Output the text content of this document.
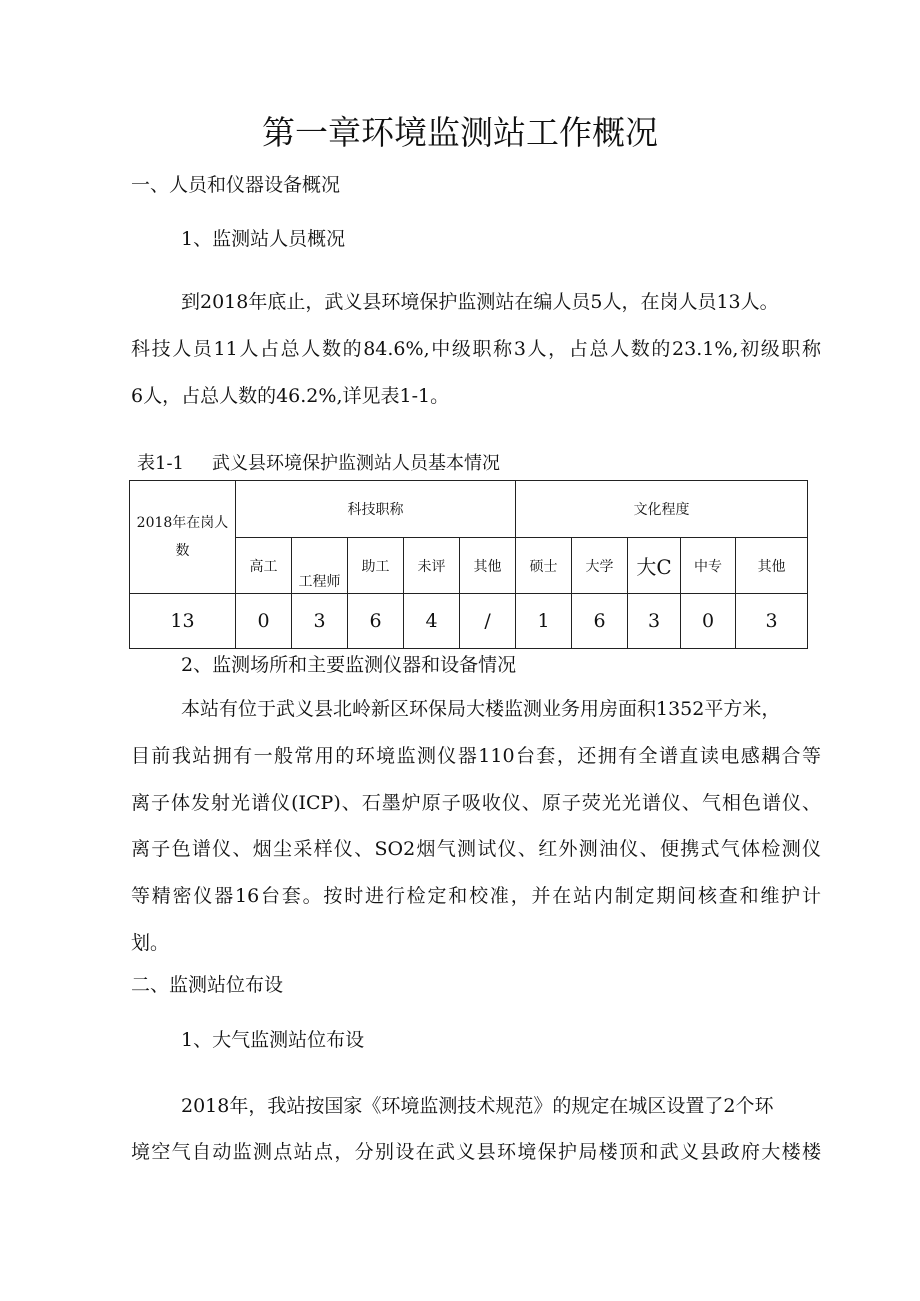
第一章环境监测站工作概况
一、人员和仪器设备概况
1、监测站人员概况
到2018年底止，武义县环境保护监测站在编人员5人，在岗人员13人。
科技人员11人占总人数的84.6%,中级职称3人，占总人数的23.1%,初级职称
6人，占总人数的46.2%,详见表1-1。
表1-1 武义县环境保护监测站人员基本情况
2018年在岗人数	科技职称					文化程度				
	高工	工程师	助工	未评	其他	硕士	大学	大C	中专	其他
13	0	3	6	4	/	1	6	3	0	3
2、监测场所和主要监测仪器和设备情况
本站有位于武义县北岭新区环保局大楼监测业务用房面积1352平方米，
目前我站拥有一般常用的环境监测仪器110台套，还拥有全谱直读电感耦合等
离子体发射光谱仪(ICP)、石墨炉原子吸收仪、原子荧光光谱仪、气相色谱仪、
离子色谱仪、烟尘采样仪、SO2烟气测试仪、红外测油仪、便携式气体检测仪
等精密仪器16台套。按时进行检定和校准，并在站内制定期间核查和维护计
划。
二、监测站位布设
1、大气监测站位布设
2018年，我站按国家《环境监测技术规范》的规定在城区设置了2个环
境空气自动监测点站点，分别设在武义县环境保护局楼顶和武义县政府大楼楼
